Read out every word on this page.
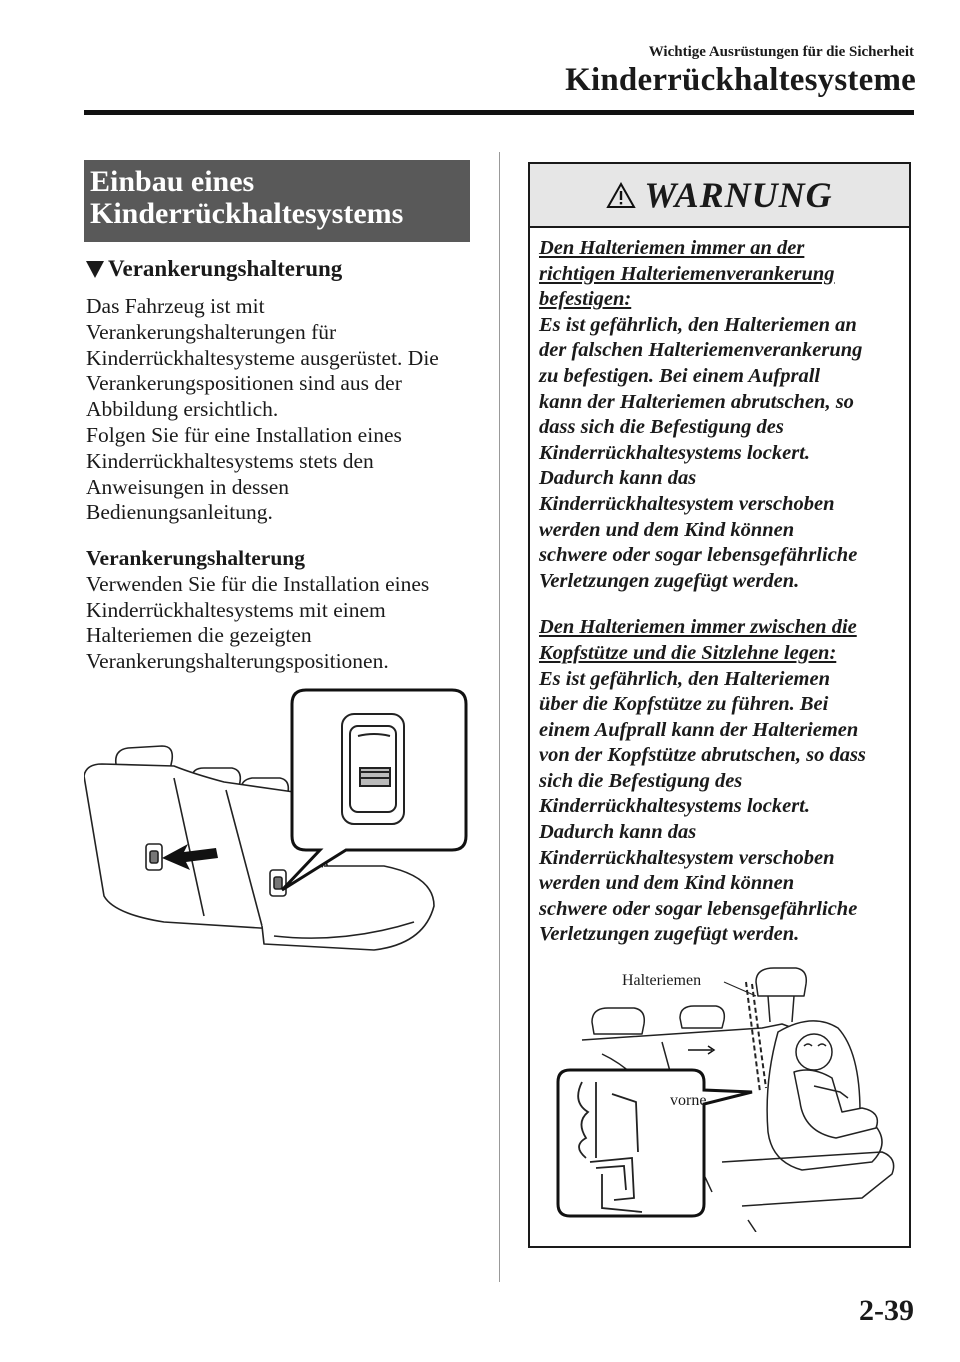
Wichtige Ausrüstungen für die Sicherheit
Kinderrückhaltesysteme
Einbau eines
Kinderrückhaltesystems
Verankerungshalterung
Das Fahrzeug ist mit
Verankerungshalterungen für
Kinderrückhaltesysteme ausgerüstet. Die
Verankerungspositionen sind aus der
Abbildung ersichtlich.
Folgen Sie für eine Installation eines
Kinderrückhaltesystems stets den
Anweisungen in dessen
Bedienungsanleitung.
Verankerungshalterung
Verwenden Sie für die Installation eines
Kinderrückhaltesystems mit einem
Halteriemen die gezeigten
Verankerungshalterungspositionen.
WARNUNG
Den Halteriemen immer an der
richtigen Halteriemenverankerung
befestigen:
Es ist gefährlich, den Halteriemen an
der falschen Halteriemenverankerung
zu befestigen. Bei einem Aufprall
kann der Halteriemen abrutschen, so
dass sich die Befestigung des
Kinderrückhaltesystems lockert.
Dadurch kann das
Kinderrückhaltesystem verschoben
werden und dem Kind können
schwere oder sogar lebensgefährliche
Verletzungen zugefügt werden.
Den Halteriemen immer zwischen die
Kopfstütze und die Sitzlehne legen:
Es ist gefährlich, den Halteriemen
über die Kopfstütze zu führen. Bei
einem Aufprall kann der Halteriemen
von der Kopfstütze abrutschen, so dass
sich die Befestigung des
Kinderrückhaltesystems lockert.
Dadurch kann das
Kinderrückhaltesystem verschoben
werden und dem Kind können
schwere oder sogar lebensgefährliche
Verletzungen zugefügt werden.
Halteriemen
vorne
2-39
